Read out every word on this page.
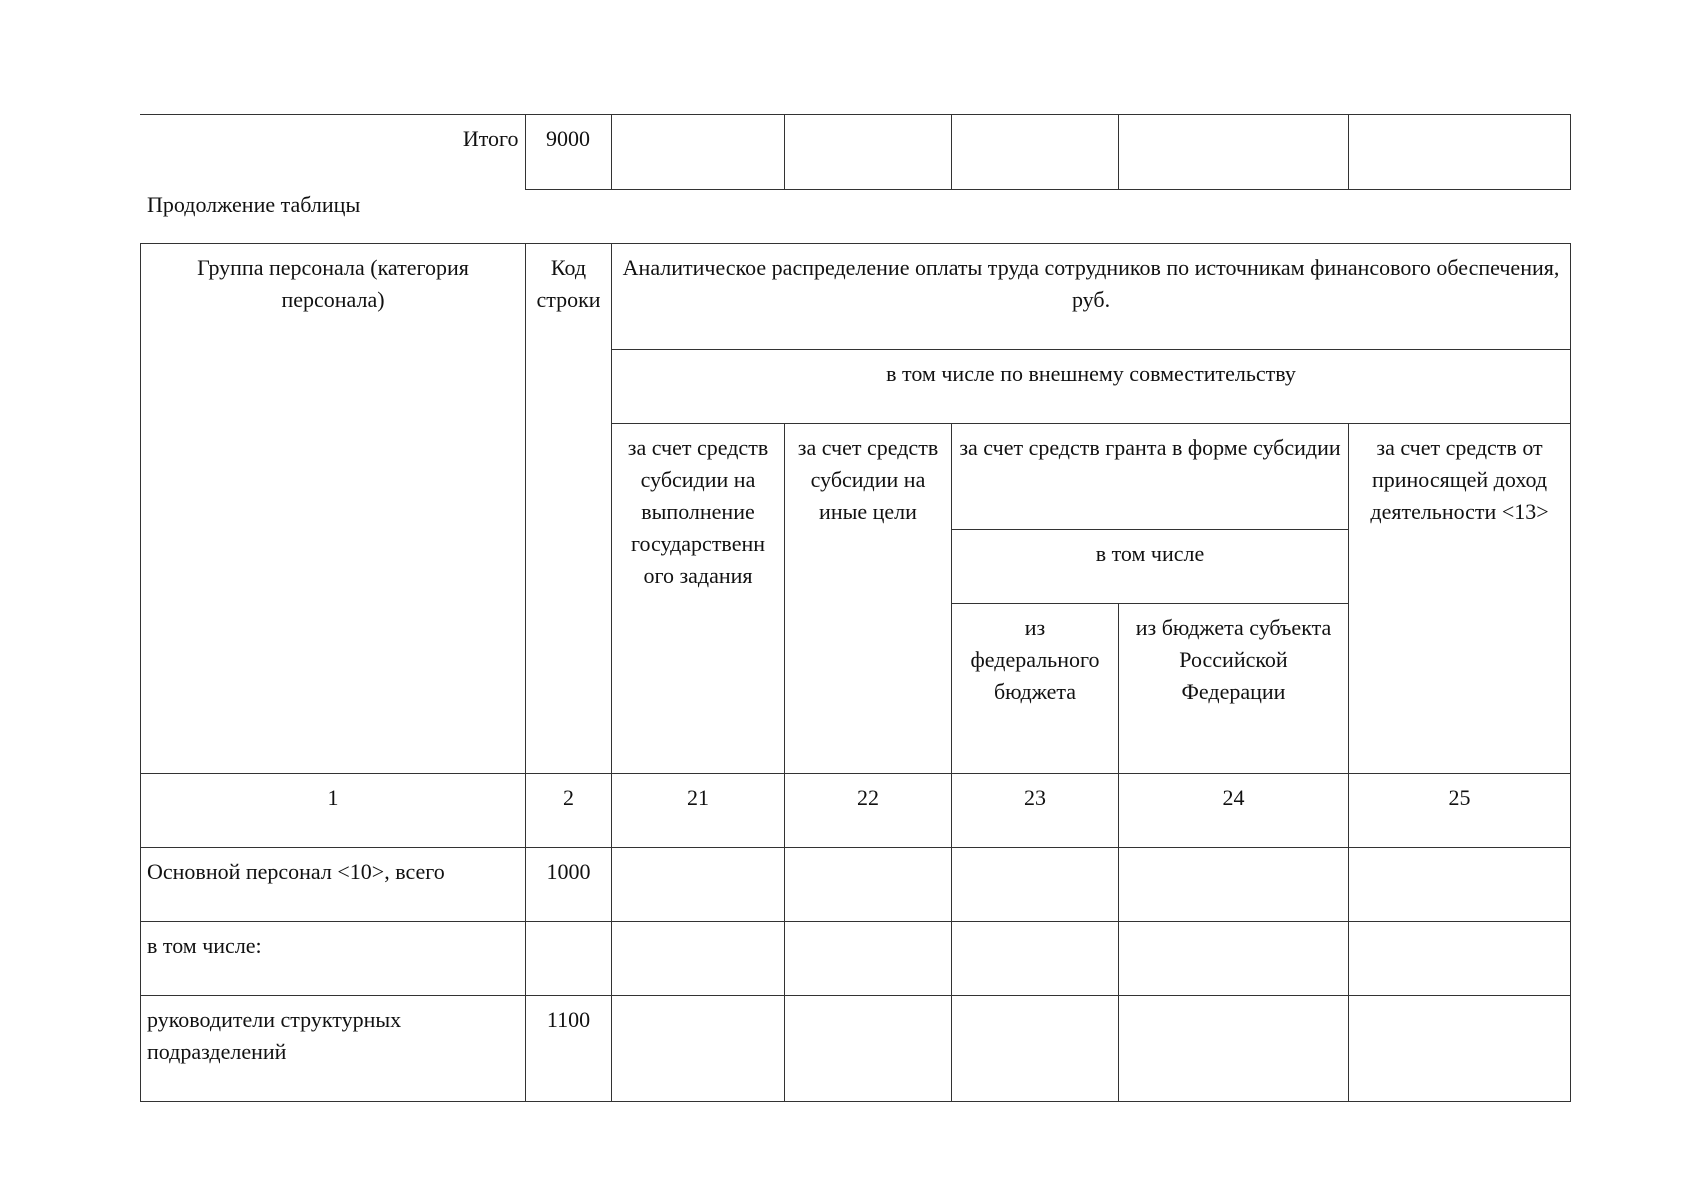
Итого	9000					
Продолжение таблицы
Группа персонала (категория персонала)	Код строки	Аналитическое распределение оплаты труда сотрудников по источникам финансового обеспечения, руб.				
		в том числе по внешнему совместительству				
		за счет средств субсидии на выполнение государственн ого задания	за счет средств субсидии на иные цели	за счет средств гранта в форме субсидии		за счет средств от приносящей доход деятельности <13>
				в том числе		
				из федерального бюджета	из бюджета субъекта Российской Федерации	
1	2	21	22	23	24	25
Основной персонал <10>, всего	1000					
в том числе:						
руководители структурных подразделений	1100					
